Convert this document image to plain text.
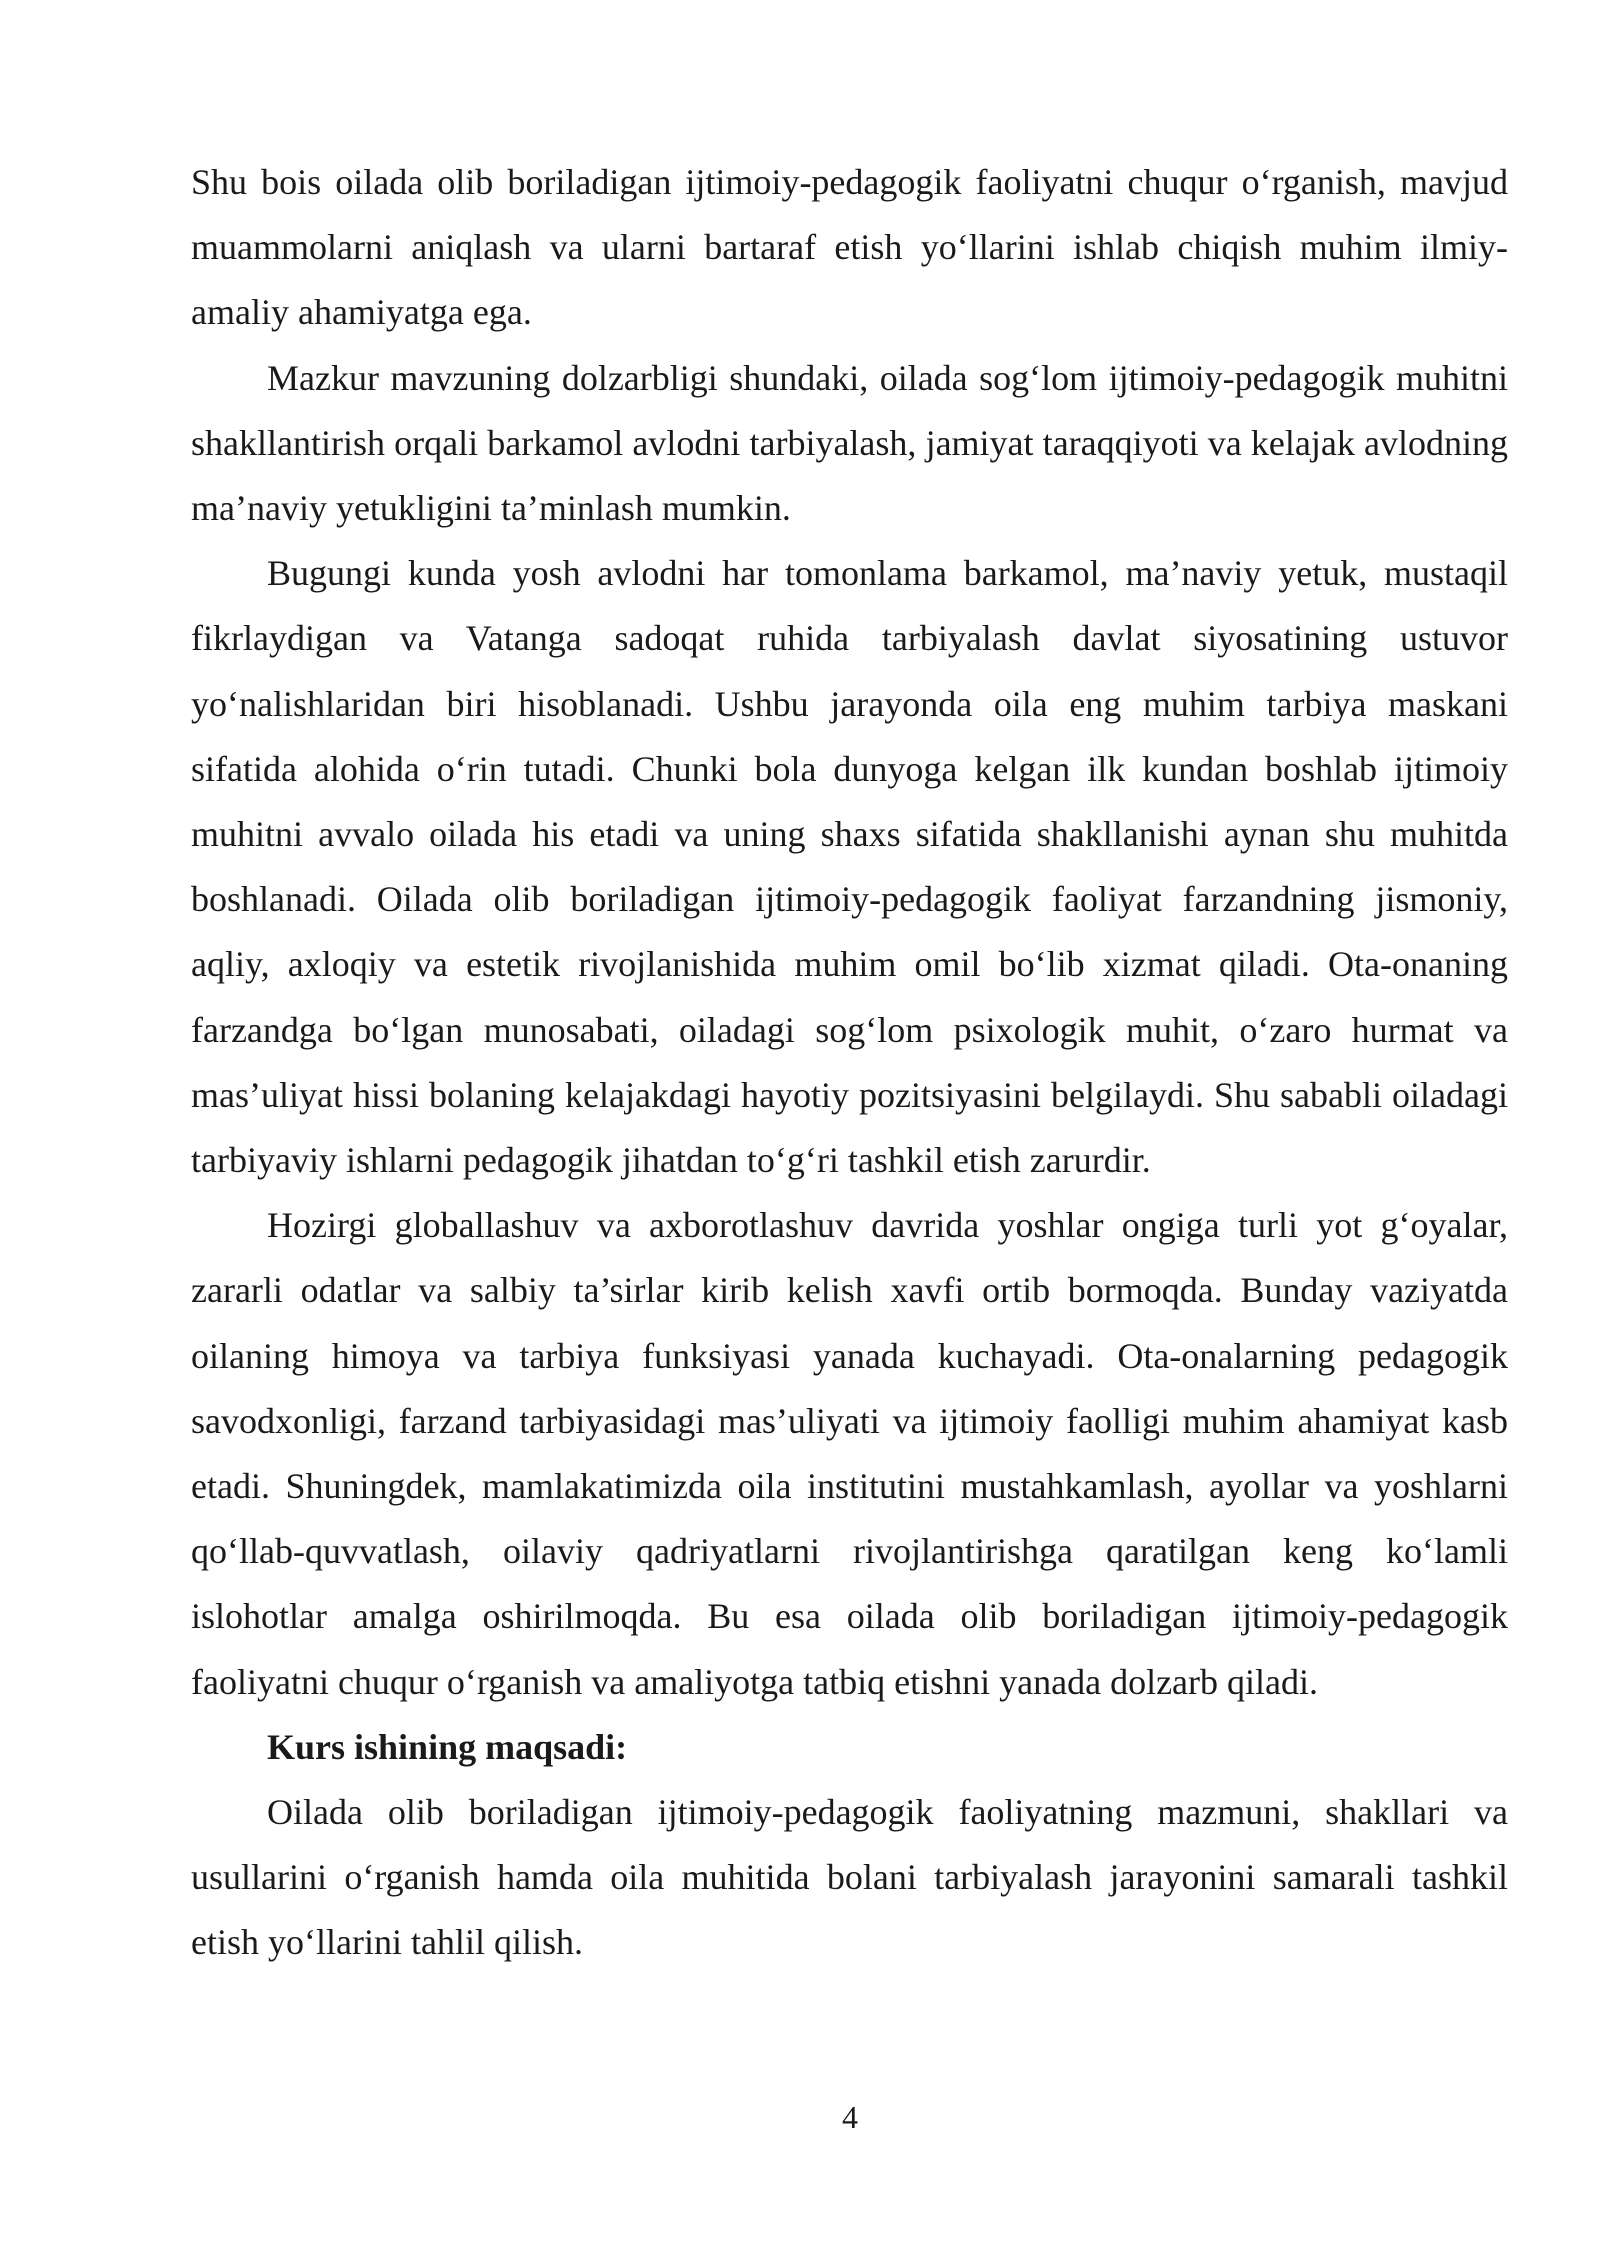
Shu bois oilada olib boriladigan ijtimoiy-pedagogik faoliyatni chuqur o‘rganish, mavjud muammolarni aniqlash va ularni bartaraf etish yo‘llarini ishlab chiqish muhim ilmiy-amaliy ahamiyatga ega.

Mazkur mavzuning dolzarbligi shundaki, oilada sog‘lom ijtimoiy-pedagogik muhitni shakllantirish orqali barkamol avlodni tarbiyalash, jamiyat taraqqiyoti va kelajak avlodning ma’naviy yetukligini ta’minlash mumkin.

Bugungi kunda yosh avlodni har tomonlama barkamol, ma’naviy yetuk, mustaqil fikrlaydigan va Vatanga sadoqat ruhida tarbiyalash davlat siyosatining ustuvor yo‘nalishlaridan biri hisoblanadi. Ushbu jarayonda oila eng muhim tarbiya maskani sifatida alohida o‘rin tutadi. Chunki bola dunyoga kelgan ilk kundan boshlab ijtimoiy muhitni avvalo oilada his etadi va uning shaxs sifatida shakllanishi aynan shu muhitda boshlanadi. Oilada olib boriladigan ijtimoiy-pedagogik faoliyat farzandning jismoniy, aqliy, axloqiy va estetik rivojlanishida muhim omil bo‘lib xizmat qiladi. Ota-onaning farzandga bo‘lgan munosabati, oiladagi sog‘lom psixologik muhit, o‘zaro hurmat va mas’uliyat hissi bolaning kelajakdagi hayotiy pozitsiyasini belgilaydi. Shu sababli oiladagi tarbiyaviy ishlarni pedagogik jihatdan to‘g‘ri tashkil etish zarurdir.

Hozirgi globallashuv va axborotlashuv davrida yoshlar ongiga turli yot g‘oyalar, zararli odatlar va salbiy ta’sirlar kirib kelish xavfi ortib bormoqda. Bunday vaziyatda oilaning himoya va tarbiya funksiyasi yanada kuchayadi. Ota-onalarning pedagogik savodxonligi, farzand tarbiyasidagi mas’uliyati va ijtimoiy faolligi muhim ahamiyat kasb etadi. Shuningdek, mamlakatimizda oila institutini mustahkamlash, ayollar va yoshlarni qo‘llab-quvvatlash, oilaviy qadriyatlarni rivojlantirishga qaratilgan keng ko‘lamli islohotlar amalga oshirilmoqda. Bu esa oilada olib boriladigan ijtimoiy-pedagogik faoliyatni chuqur o‘rganish va amaliyotga tatbiq etishni yanada dolzarb qiladi.

Kurs ishining maqsadi:

Oilada olib boriladigan ijtimoiy-pedagogik faoliyatning mazmuni, shakllari va usullarini o‘rganish hamda oila muhitida bolani tarbiyalash jarayonini samarali tashkil etish yo‘llarini tahlil qilish.

4
